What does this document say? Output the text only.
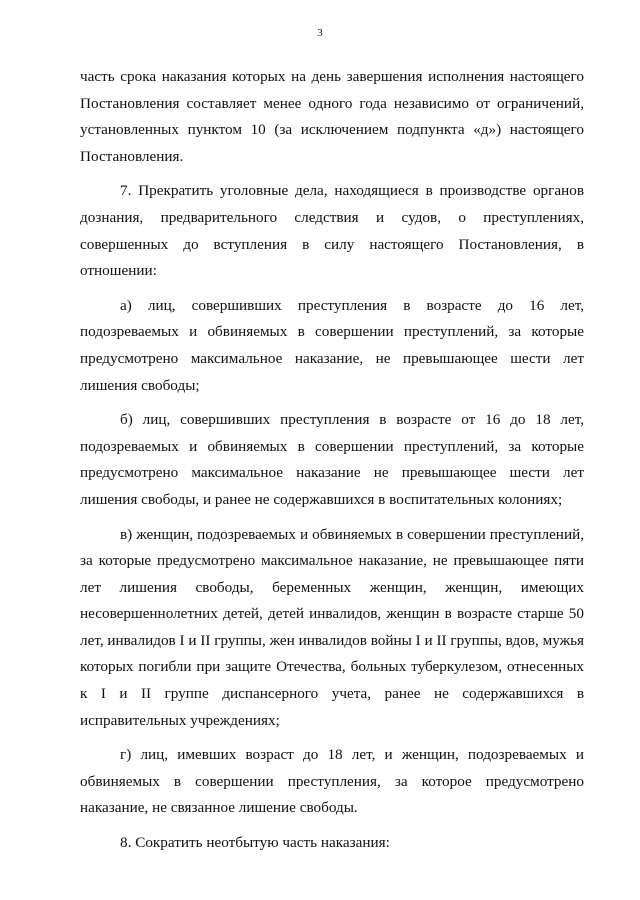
3

часть срока наказания которых на день завершения исполнения настоящего Постановления составляет менее одного года независимо от ограничений, установленных пунктом 10 (за исключением подпункта «д») настоящего Постановления.

7. Прекратить уголовные дела, находящиеся в производстве органов дознания, предварительного следствия и судов, о преступлениях, совершенных до вступления в силу настоящего Постановления, в отношении:

а) лиц, совершивших преступления в возрасте до 16 лет, подозреваемых и обвиняемых в совершении преступлений, за которые предусмотрено максимальное наказание, не превышающее шести лет лишения свободы;

б) лиц, совершивших преступления в возрасте от 16 до 18 лет, подозреваемых и обвиняемых в совершении преступлений, за которые предусмотрено максимальное наказание не превышающее шести лет лишения свободы, и ранее не содержавшихся в воспитательных колониях;

в) женщин, подозреваемых и обвиняемых в совершении преступлений, за которые предусмотрено максимальное наказание, не превышающее пяти лет лишения свободы, беременных женщин, женщин, имеющих несовершеннолетних детей, детей инвалидов, женщин в возрасте старше 50 лет, инвалидов I и II группы, жен инвалидов войны I и II группы, вдов, мужья которых погибли при защите Отечества, больных туберкулезом, отнесенных к I и II группе диспансерного учета, ранее не содержавшихся в исправительных учреждениях;

г) лиц, имевших возраст до 18 лет, и женщин, подозреваемых и обвиняемых в совершении преступления, за которое предусмотрено наказание, не связанное лишение свободы.

8. Сократить неотбытую часть наказания:
